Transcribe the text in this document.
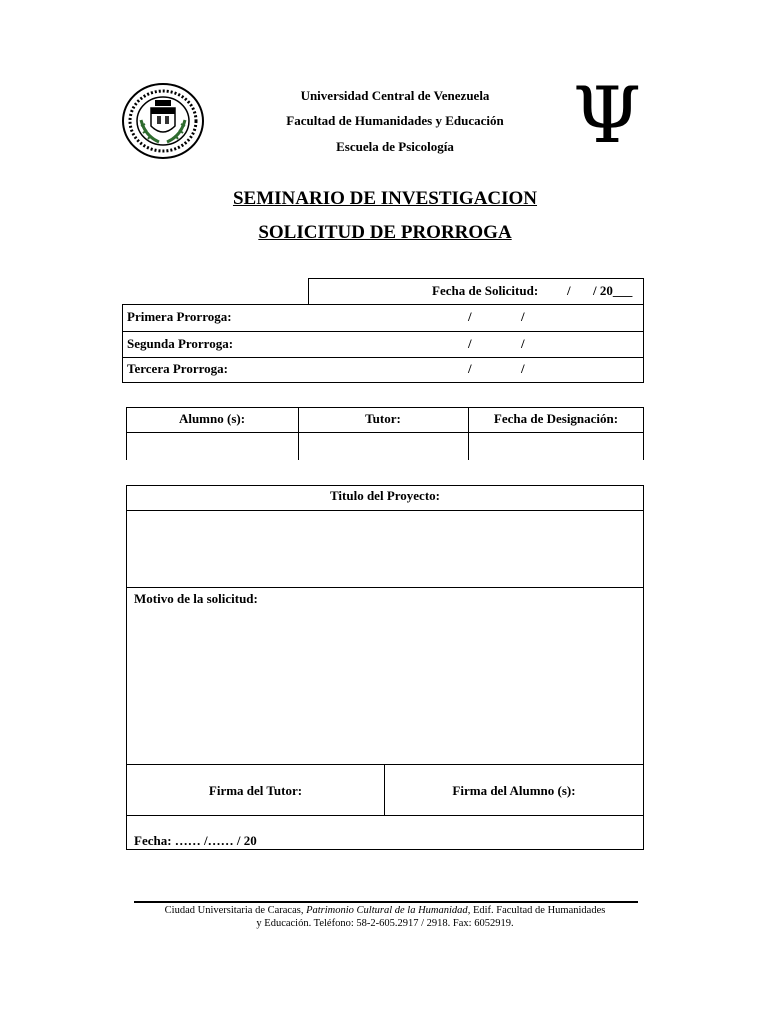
Universidad Central de Venezuela
Facultad de Humanidades y Educación
Escuela de Psicología	Ψ
SEMINARIO DE INVESTIGACION
SOLICITUD DE PRORROGA
Fecha de Solicitud: / / 20___
Primera Prorroga:	/	/
Segunda Prorroga:	/	/
Tercera Prorroga:	/	/
Alumno (s):	Tutor:	Fecha de Designación:
Titulo del Proyecto:
Motivo de la solicitud:
Firma del Tutor:	Firma del Alumno (s):
Fecha: …… /…… / 20
Ciudad Universitaria de Caracas, Patrimonio Cultural de la Humanidad, Edif. Facultad de Humanidades
y Educación. Teléfono: 58-2-605.2917 / 2918. Fax: 6052919.
